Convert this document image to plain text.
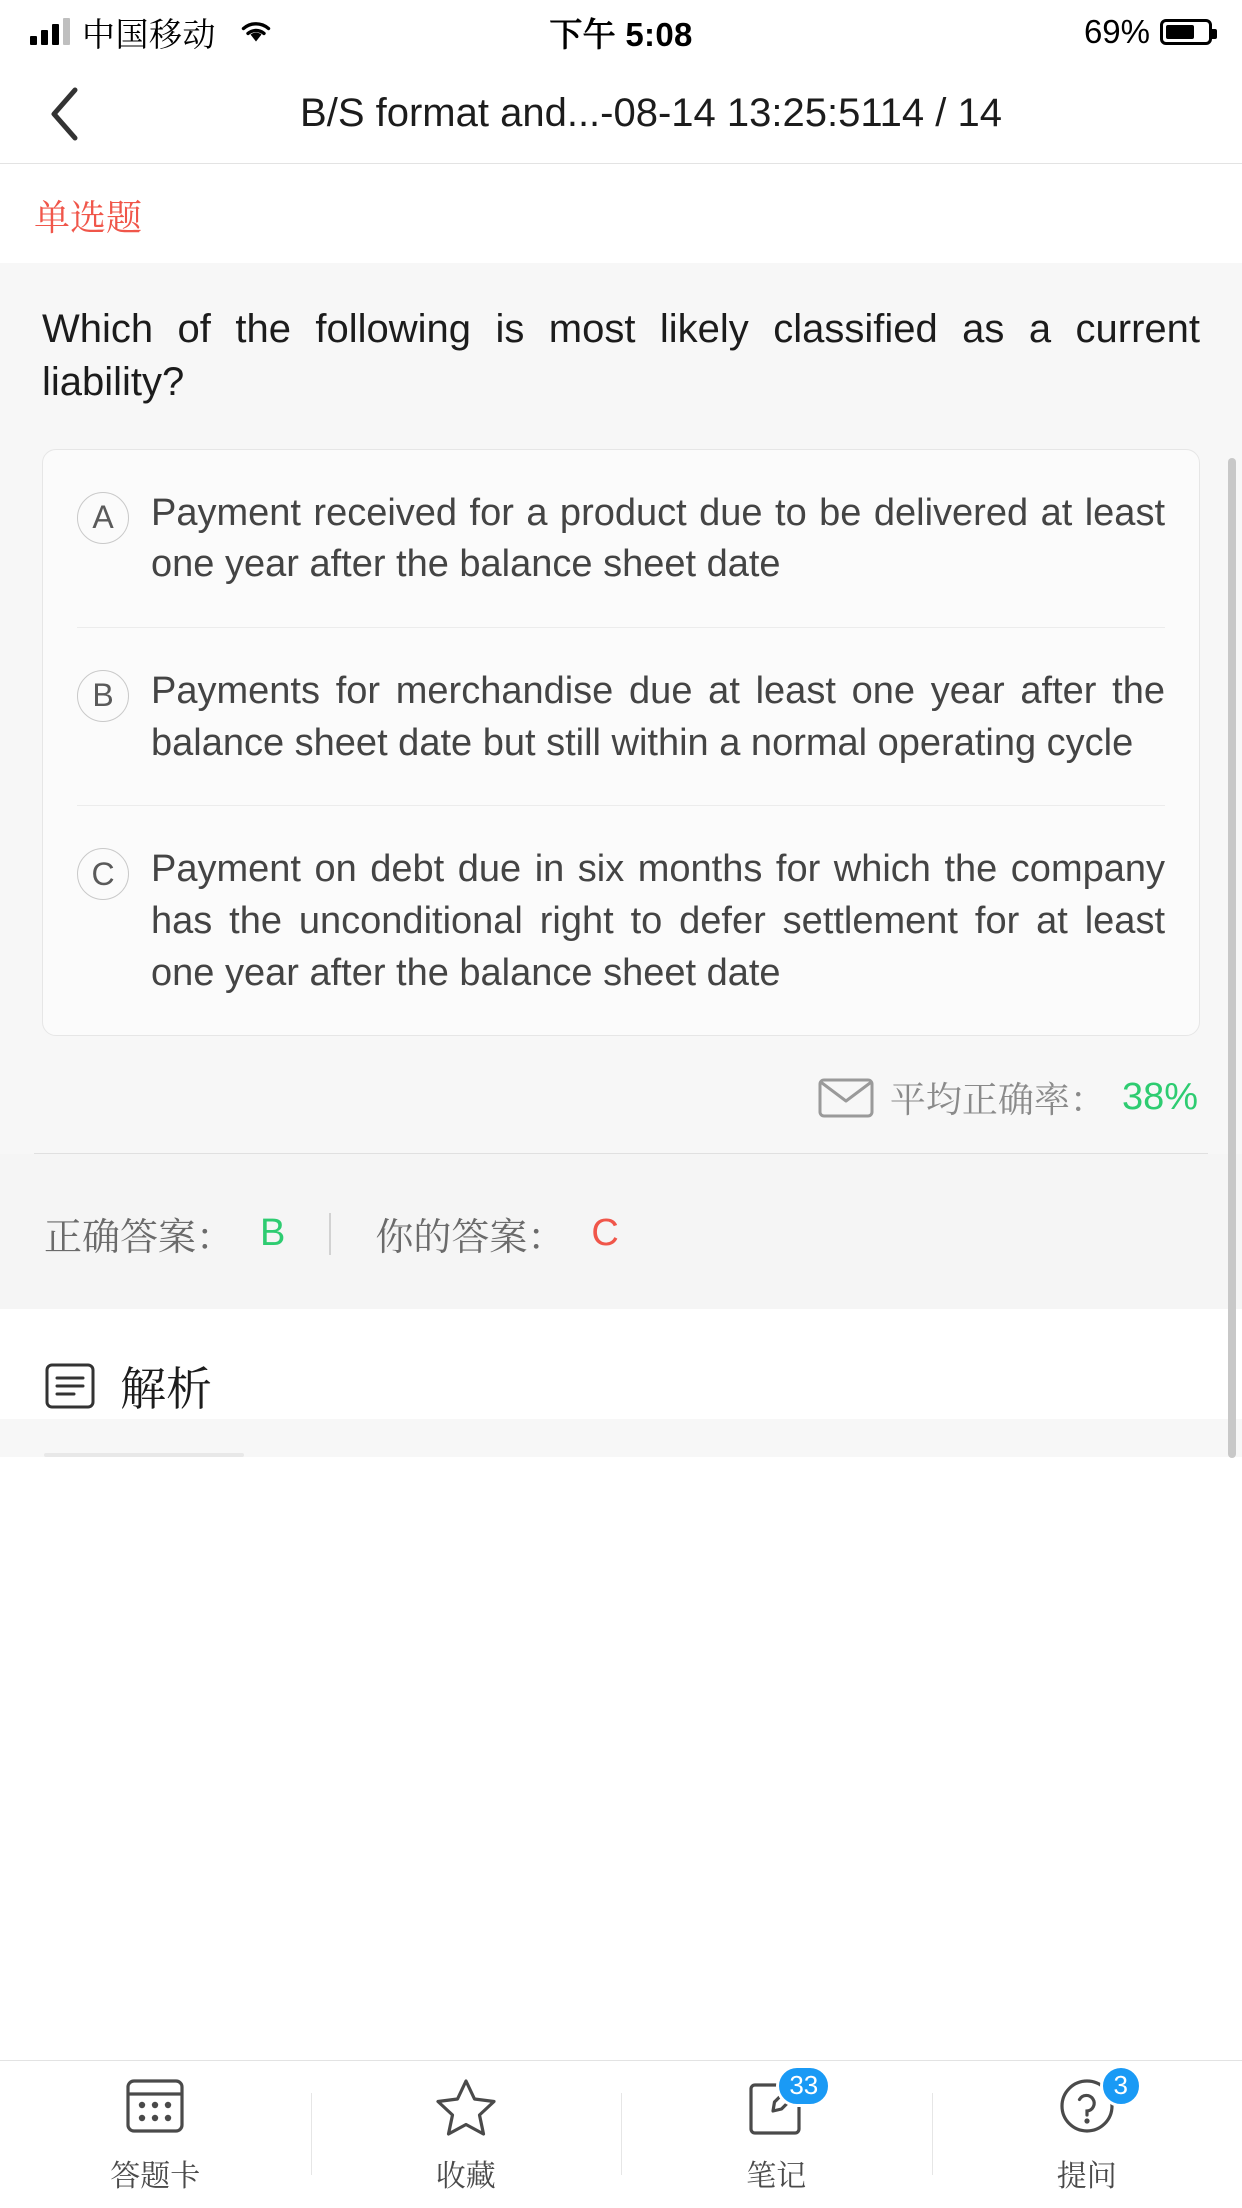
中国移动	下午 5:08	69%
B/S format and...-08-14 13:25:5114 / 14
单选题
Which of the following is most likely classified as a current liability?
A Payment received for a product due to be delivered at least one year after the balance sheet date
B Payments for merchandise due at least one year after the balance sheet date but still within a normal operating cycle
C Payment on debt due in six months for which the company has the unconditional right to defer settlement for at least one year after the balance sheet date
平均正确率： 38%
正确答案： B 你的答案： C
解析
答题卡	收藏
33
笔记
3
提问
